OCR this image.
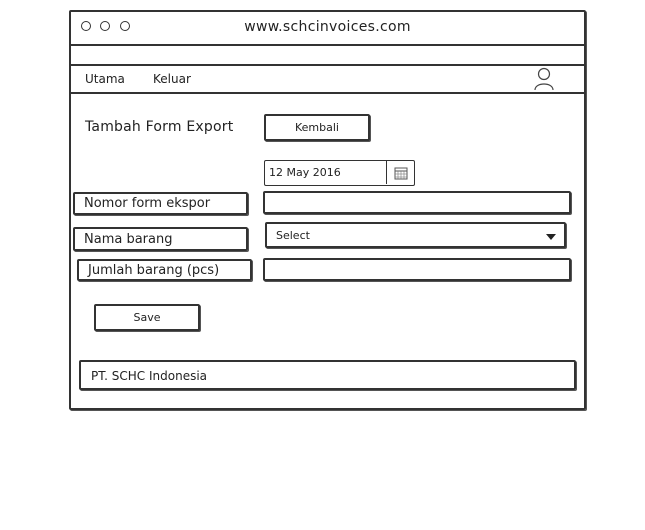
www.schcinvoices.com
Utama Keluar
Tambah Form Export	Kembali
12 May 2016
Nomor form ekspor
Nama barang	Select
Jumlah barang (pcs)
Save
PT. SCHC Indonesia
